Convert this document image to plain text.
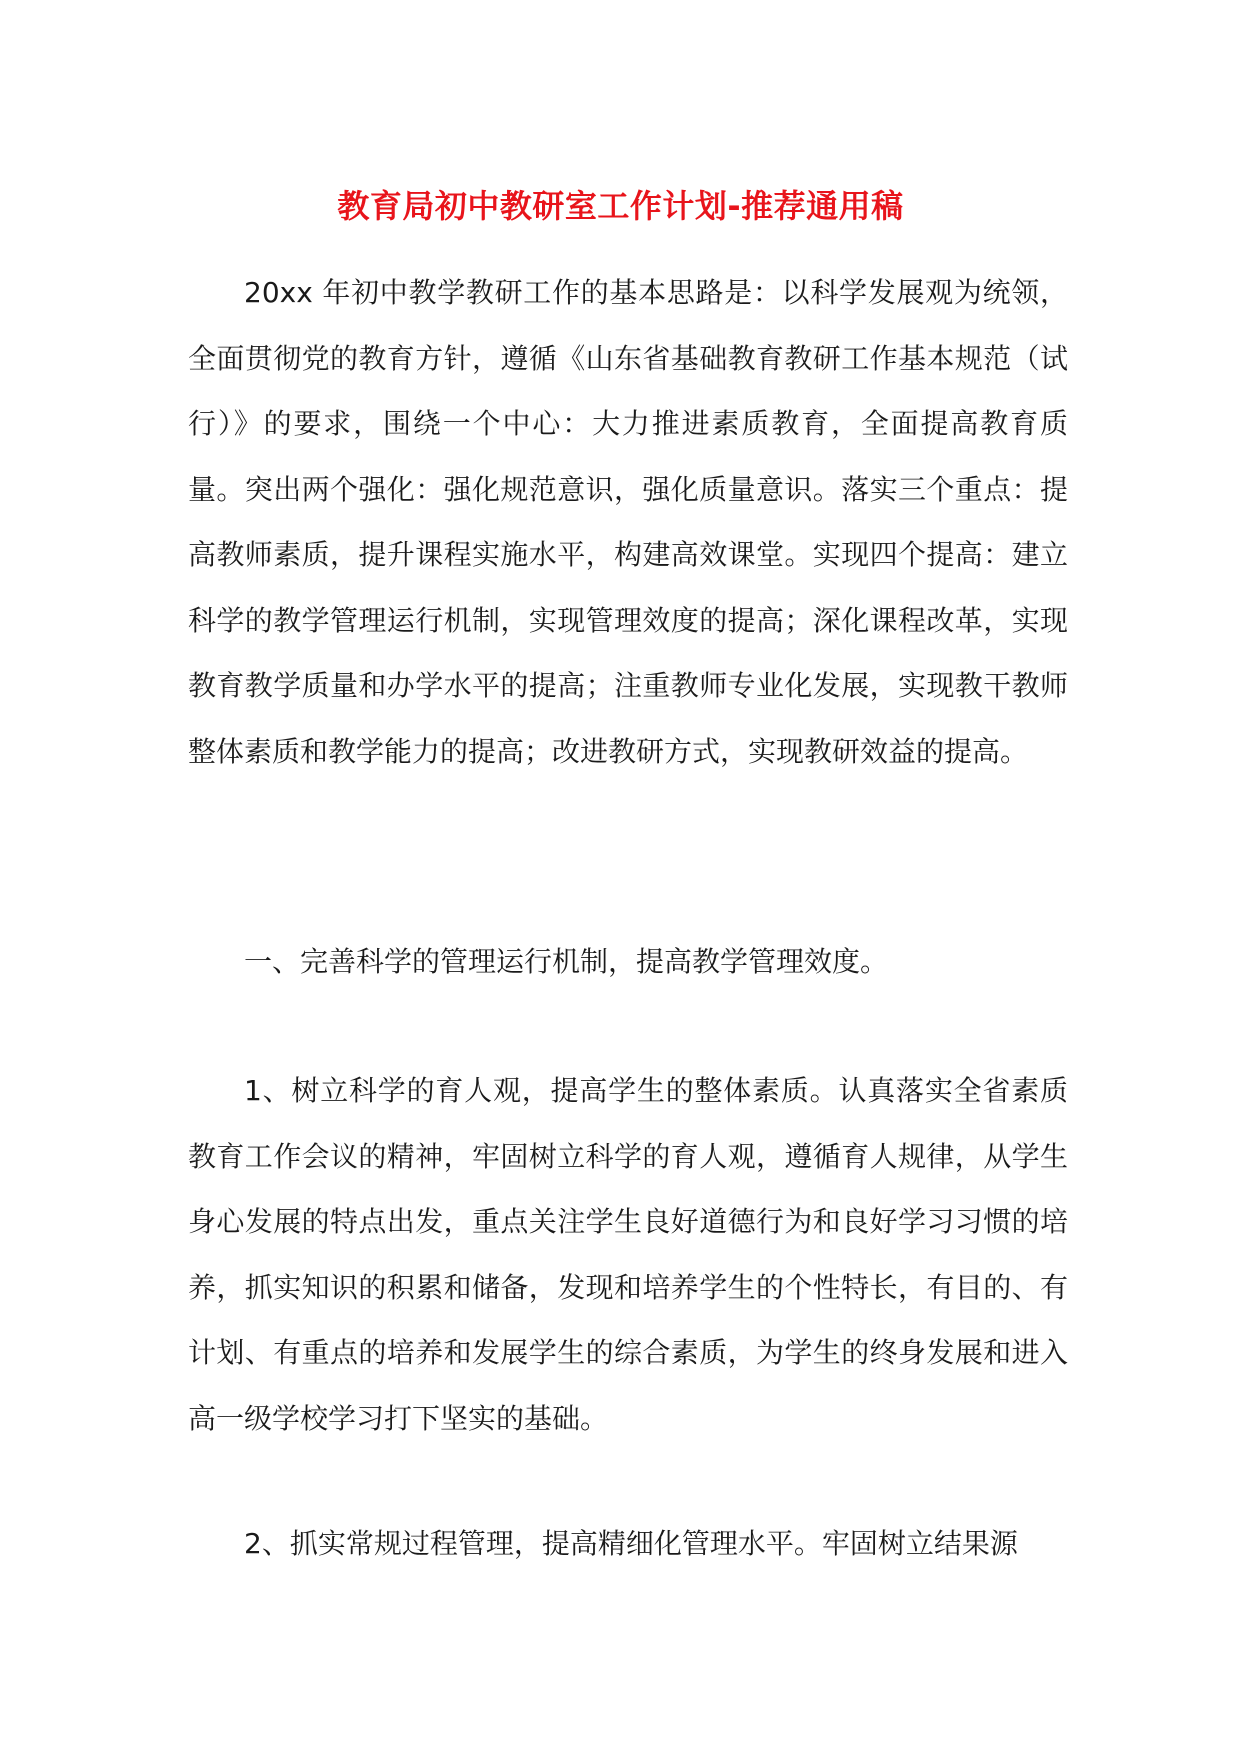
教育局初中教研室工作计划-推荐通用稿

20xx 年初中教学教研工作的基本思路是：以科学发展观为统领，全面贯彻党的教育方针，遵循《山东省基础教育教研工作基本规范（试行）》的要求，围绕一个中心：大力推进素质教育，全面提高教育质量。突出两个强化：强化规范意识，强化质量意识。落实三个重点：提高教师素质，提升课程实施水平，构建高效课堂。实现四个提高：建立科学的教学管理运行机制，实现管理效度的提高；深化课程改革，实现教育教学质量和办学水平的提高；注重教师专业化发展，实现教干教师整体素质和教学能力的提高；改进教研方式，实现教研效益的提高。

一、完善科学的管理运行机制，提高教学管理效度。

1、树立科学的育人观，提高学生的整体素质。认真落实全省素质教育工作会议的精神，牢固树立科学的育人观，遵循育人规律，从学生身心发展的特点出发，重点关注学生良好道德行为和良好学习习惯的培养，抓实知识的积累和储备，发现和培养学生的个性特长，有目的、有计划、有重点的培养和发展学生的综合素质，为学生的终身发展和进入高一级学校学习打下坚实的基础。

2、抓实常规过程管理，提高精细化管理水平。牢固树立结果源
